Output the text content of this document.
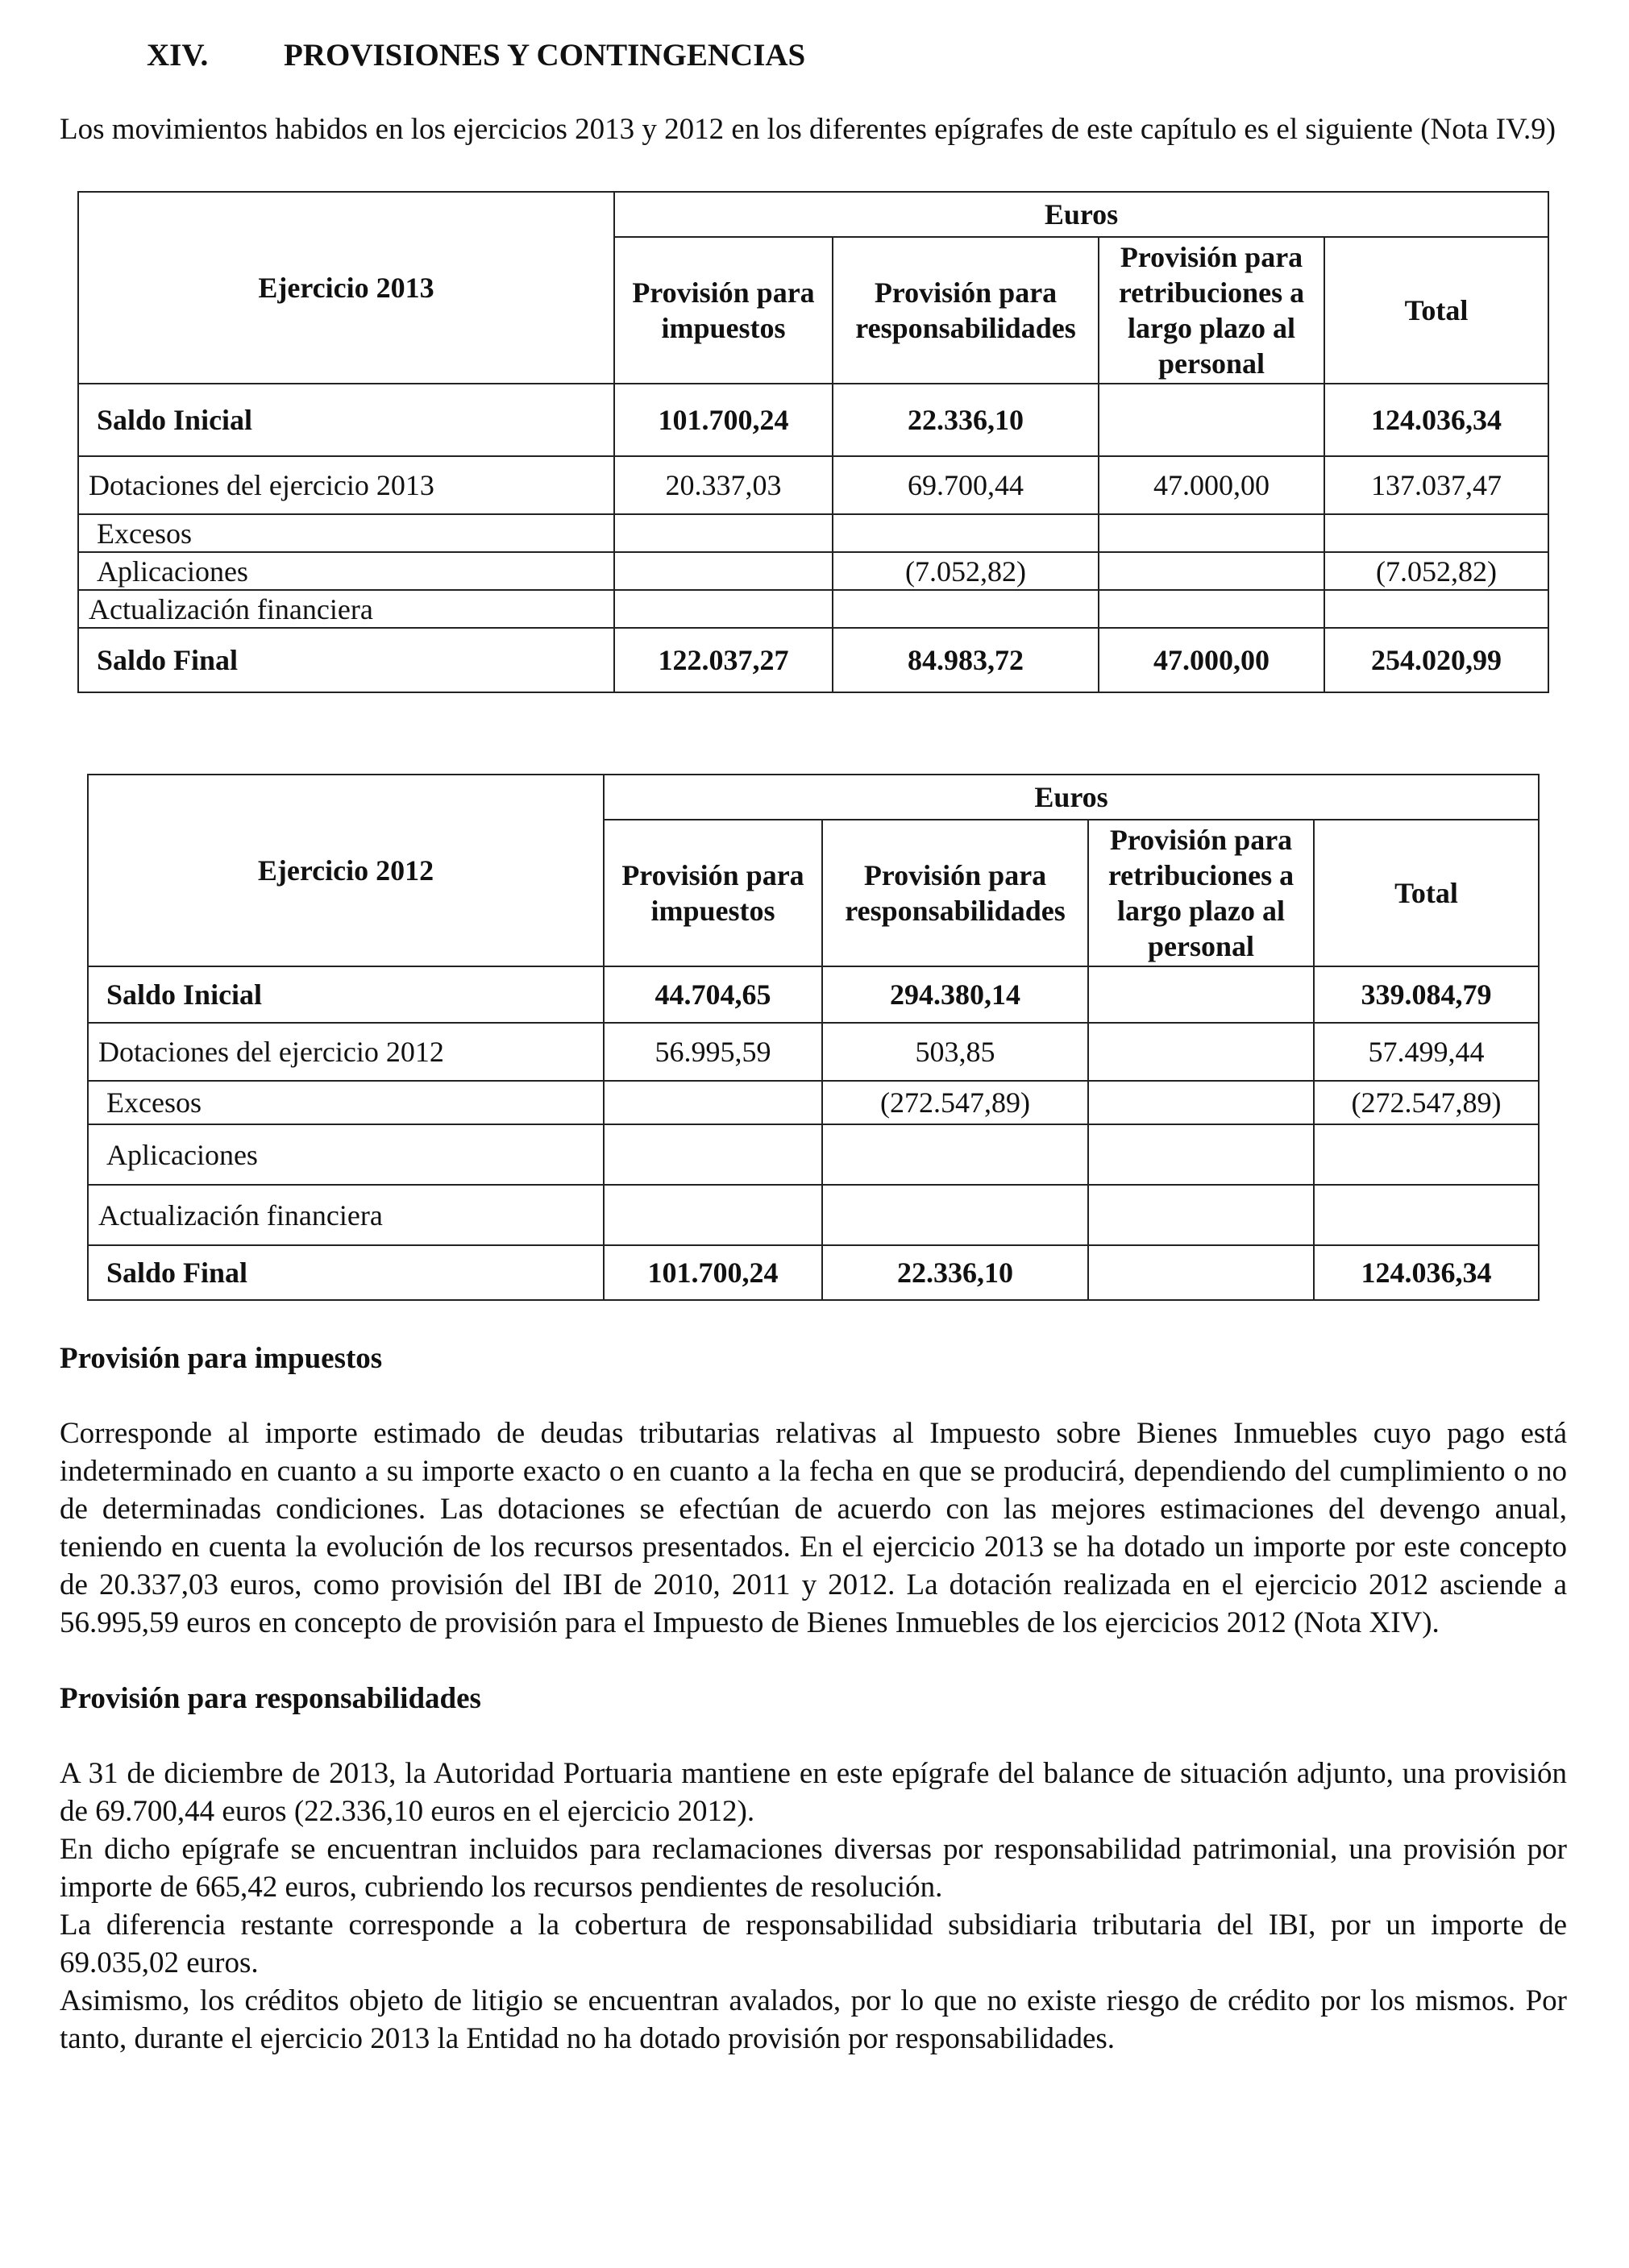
XIV. PROVISIONES Y CONTINGENCIAS

Los movimientos habidos en los ejercicios 2013 y 2012 en los diferentes epígrafes de este capítulo es el siguiente (Nota IV.9)

Ejercicio 2013	Euros			
	Provisión para impuestos	Provisión para responsabilidades	Provisión para retribuciones a largo plazo al personal	Total
Saldo Inicial	101.700,24	22.336,10		124.036,34
Dotaciones del ejercicio 2013	20.337,03	69.700,44	47.000,00	137.037,47
Excesos				
Aplicaciones		(7.052,82)		(7.052,82)
Actualización financiera				
Saldo Final	122.037,27	84.983,72	47.000,00	254.020,99
Ejercicio 2012	Euros			
	Provisión para impuestos	Provisión para responsabilidades	Provisión para retribuciones a largo plazo al personal	Total
Saldo Inicial	44.704,65	294.380,14		339.084,79
Dotaciones del ejercicio 2012	56.995,59	503,85		57.499,44
Excesos		(272.547,89)		(272.547,89)
Aplicaciones				
Actualización financiera				
Saldo Final	101.700,24	22.336,10		124.036,34

Provisión para impuestos

Corresponde al importe estimado de deudas tributarias relativas al Impuesto sobre Bienes Inmuebles cuyo pago está indeterminado en cuanto a su importe exacto o en cuanto a la fecha en que se producirá, dependiendo del cumplimiento o no de determinadas condiciones. Las dotaciones se efectúan de acuerdo con las mejores estimaciones del devengo anual, teniendo en cuenta la evolución de los recursos presentados. En el ejercicio 2013 se ha dotado un importe por este concepto de 20.337,03 euros, como provisión del IBI de 2010, 2011 y 2012. La dotación realizada en el ejercicio 2012 asciende a 56.995,59 euros en concepto de provisión para el Impuesto de Bienes Inmuebles de los ejercicios 2012 (Nota XIV).

Provisión para responsabilidades

A 31 de diciembre de 2013, la Autoridad Portuaria mantiene en este epígrafe del balance de situación adjunto, una provisión de 69.700,44 euros (22.336,10 euros en el ejercicio 2012).

En dicho epígrafe se encuentran incluidos para reclamaciones diversas por responsabilidad patrimonial, una provisión por importe de 665,42 euros, cubriendo los recursos pendientes de resolución.

La diferencia restante corresponde a la cobertura de responsabilidad subsidiaria tributaria del IBI, por un importe de 69.035,02 euros.

Asimismo, los créditos objeto de litigio se encuentran avalados, por lo que no existe riesgo de crédito por los mismos. Por tanto, durante el ejercicio 2013 la Entidad no ha dotado provisión por responsabilidades.
